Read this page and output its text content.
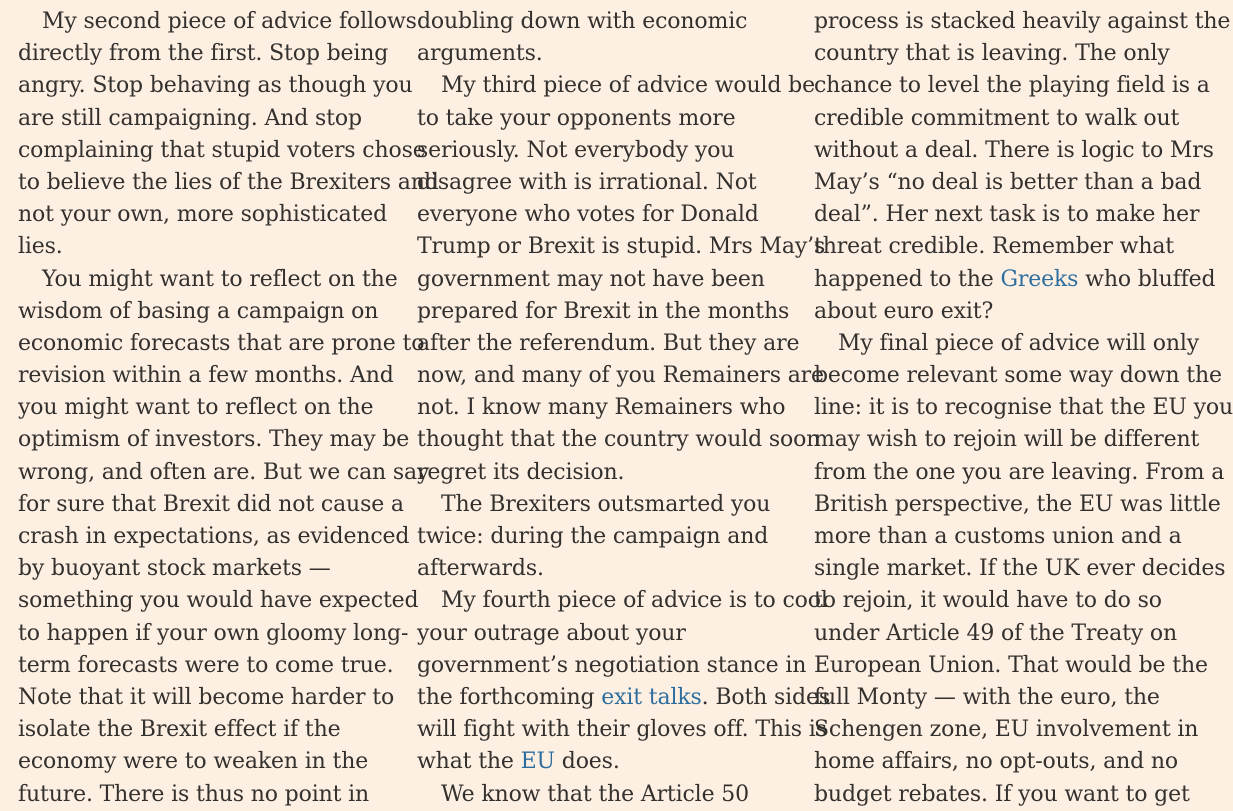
My second piece of advice follows
directly from the first. Stop being
angry. Stop behaving as though you
are still campaigning. And stop
complaining that stupid voters chose
to believe the lies of the Brexiters and
not your own, more sophisticated
lies.
You might want to reflect on the
wisdom of basing a campaign on
economic forecasts that are prone to
revision within a few months. And
you might want to reflect on the
optimism of investors. They may be
wrong, and often are. But we can say
for sure that Brexit did not cause a
crash in expectations, as evidenced
by buoyant stock markets —
something you would have expected
to happen if your own gloomy long-
term forecasts were to come true.
Note that it will become harder to
isolate the Brexit effect if the
economy were to weaken in the
future. There is thus no point in
doubling down with economic
arguments.
My third piece of advice would be
to take your opponents more
seriously. Not everybody you
disagree with is irrational. Not
everyone who votes for Donald
Trump or Brexit is stupid. Mrs May’s
government may not have been
prepared for Brexit in the months
after the referendum. But they are
now, and many of you Remainers are
not. I know many Remainers who
thought that the country would soon
regret its decision.
The Brexiters outsmarted you
twice: during the campaign and
afterwards.
My fourth piece of advice is to cool
your outrage about your
government’s negotiation stance in
the forthcoming exit talks. Both sides
will fight with their gloves off. This is
what the EU does.
We know that the Article 50
process is stacked heavily against the
country that is leaving. The only
chance to level the playing field is a
credible commitment to walk out
without a deal. There is logic to Mrs
May’s “no deal is better than a bad
deal”. Her next task is to make her
threat credible. Remember what
happened to the Greeks who bluffed
about euro exit?
My final piece of advice will only
become relevant some way down the
line: it is to recognise that the EU you
may wish to rejoin will be different
from the one you are leaving. From a
British perspective, the EU was little
more than a customs union and a
single market. If the UK ever decides
to rejoin, it would have to do so
under Article 49 of the Treaty on
European Union. That would be the
full Monty — with the euro, the
Schengen zone, EU involvement in
home affairs, no opt-outs, and no
budget rebates. If you want to get
